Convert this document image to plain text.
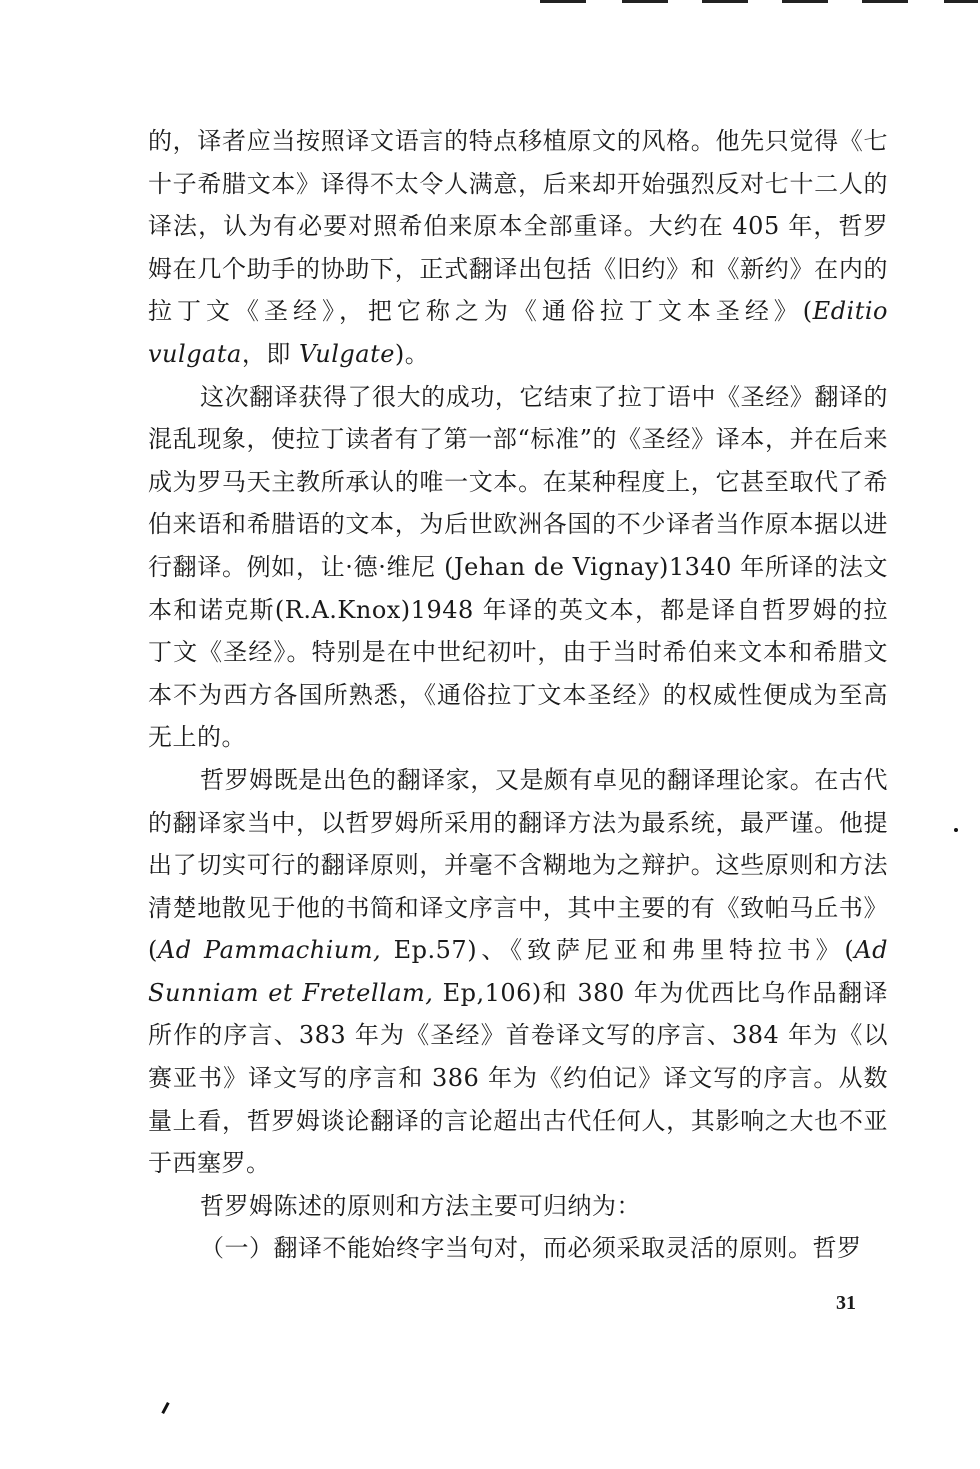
的，译者应当按照译文语言的特点移植原文的风格。他先只觉得《七十子希腊文本》译得不太令人满意，后来却开始强烈反对七十二人的译法，认为有必要对照希伯来原本全部重译。大约在 405 年，哲罗姆在几个助手的协助下，正式翻译出包括《旧约》和《新约》在内的拉丁文《圣经》，把它称之为《通俗拉丁文本圣经》(Editio vulgata，即 Vulgate)。

这次翻译获得了很大的成功，它结束了拉丁语中《圣经》翻译的混乱现象，使拉丁读者有了第一部“标准”的《圣经》译本，并在后来成为罗马天主教所承认的唯一文本。在某种程度上，它甚至取代了希伯来语和希腊语的文本，为后世欧洲各国的不少译者当作原本据以进行翻译。例如，让·德·维尼 (Jehan de Vignay)1340 年所译的法文本和诺克斯(R.A.Knox)1948 年译的英文本，都是译自哲罗姆的拉丁文《圣经》。特别是在中世纪初叶，由于当时希伯来文本和希腊文本不为西方各国所熟悉，《通俗拉丁文本圣经》的权威性便成为至高无上的。

哲罗姆既是出色的翻译家，又是颇有卓见的翻译理论家。在古代的翻译家当中，以哲罗姆所采用的翻译方法为最系统，最严谨。他提出了切实可行的翻译原则，并毫不含糊地为之辩护。这些原则和方法清楚地散见于他的书简和译文序言中，其中主要的有《致帕马丘书》(Ad Pammachium, Ep.57)、《致萨尼亚和弗里特拉书》(Ad Sunniam et Fretellam, Ep,106)和 380 年为优西比乌作品翻译所作的序言、383 年为《圣经》首卷译文写的序言、384 年为《以赛亚书》译文写的序言和 386 年为《约伯记》译文写的序言。从数量上看，哲罗姆谈论翻译的言论超出古代任何人，其影响之大也不亚于西塞罗。

哲罗姆陈述的原则和方法主要可归纳为：

（一）翻译不能始终字当句对，而必须采取灵活的原则。哲罗

31
